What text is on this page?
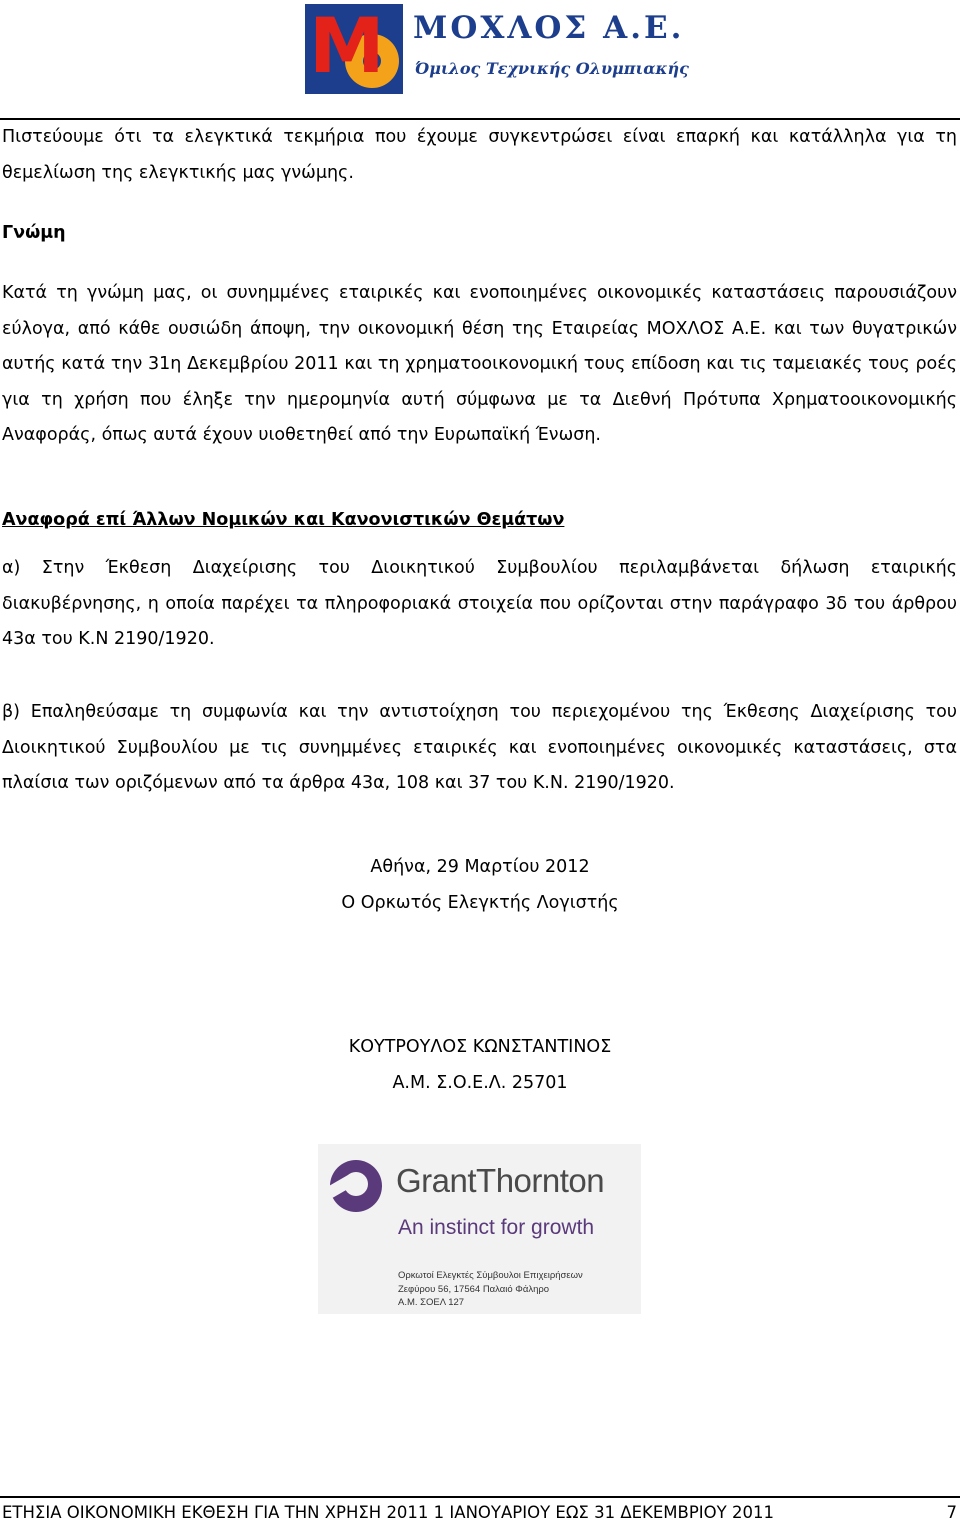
M ΜΟΧΛΟΣ Α.Ε.
Όμιλος Τεχνικής Ολυμπιακής
Πιστεύουμε ότι τα ελεγκτικά τεκμήρια που έχουμε συγκεντρώσει είναι επαρκή και κατάλληλα για τη θεμελίωση της ελεγκτικής μας γνώμης.
Γνώμη
Κατά τη γνώμη μας, οι συνημμένες εταιρικές και ενοποιημένες οικονομικές καταστάσεις παρουσιάζουν εύλογα, από κάθε ουσιώδη άποψη, την οικονομική θέση της Εταιρείας ΜΟΧΛΟΣ Α.Ε. και των θυγατρικών αυτής κατά την 31η Δεκεμβρίου 2011 και τη χρηματοοικονομική τους επίδοση και τις ταμειακές τους ροές για τη χρήση που έληξε την ημερομηνία αυτή σύμφωνα με τα Διεθνή Πρότυπα Χρηματοοικονομικής Αναφοράς, όπως αυτά έχουν υιοθετηθεί από την Ευρωπαϊκή Ένωση.
Αναφορά επί Άλλων Νομικών και Κανονιστικών Θεμάτων
α) Στην Έκθεση Διαχείρισης του Διοικητικού Συμβουλίου περιλαμβάνεται δήλωση εταιρικής διακυβέρνησης, η οποία παρέχει τα πληροφοριακά στοιχεία που ορίζονται στην παράγραφο 3δ του άρθρου 43α του Κ.Ν 2190/1920.
β) Επαληθεύσαμε τη συμφωνία και την αντιστοίχηση του περιεχομένου της Έκθεσης Διαχείρισης του Διοικητικού Συμβουλίου με τις συνημμένες εταιρικές και ενοποιημένες οικονομικές καταστάσεις, στα πλαίσια των οριζόμενων από τα άρθρα 43α, 108 και 37 του Κ.Ν. 2190/1920.
Αθήνα, 29 Μαρτίου 2012
Ο Ορκωτός Ελεγκτής Λογιστής
ΚΟΥΤΡΟΥΛΟΣ ΚΩΝΣΤΑΝΤΙΝΟΣ
Α.Μ. Σ.Ο.Ε.Λ. 25701
GrantThornton
An instinct for growth
Ορκωτοί Ελεγκτές Σύμβουλοι Επιχειρήσεων
Ζεφύρου 56, 17564 Παλαιό Φάληρο
Α.Μ. ΣΟΕΛ 127
ΕΤΗΣΙΑ ΟΙΚΟΝΟΜΙΚΗ ΕΚΘΕΣΗ ΓΙΑ ΤΗΝ ΧΡΗΣΗ 2011 1 ΙΑΝΟΥΑΡΙΟΥ ΕΩΣ 31 ΔΕΚΕΜΒΡΙΟΥ 2011	7
